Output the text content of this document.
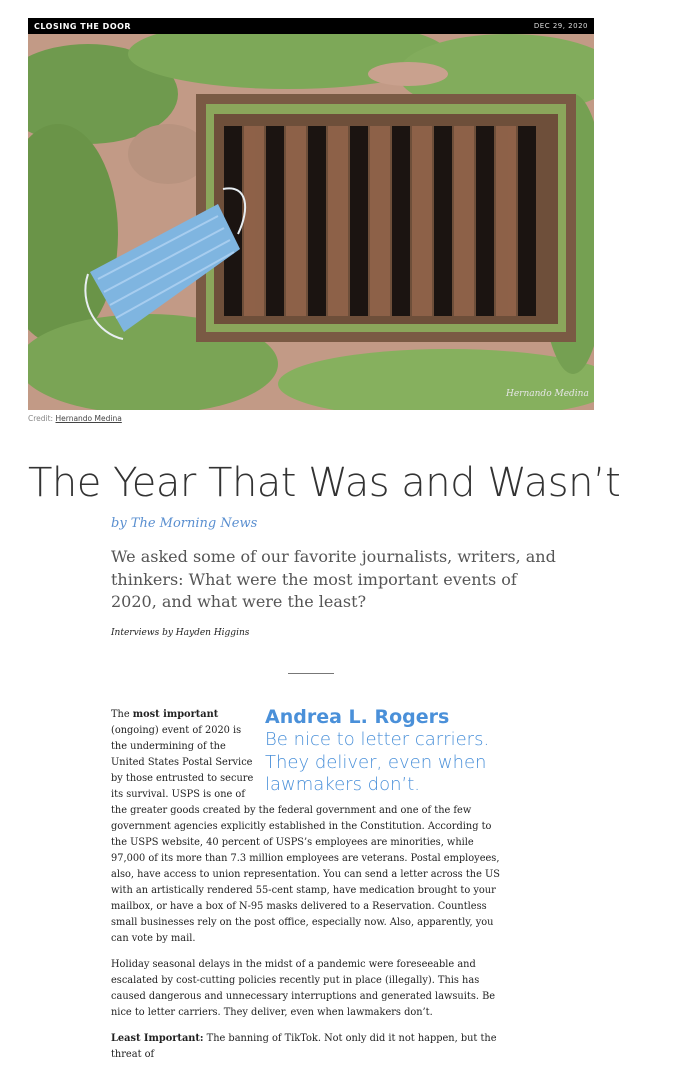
CLOSING THE DOOR	DEC 29, 2020
Hernando Medina
Credit: Hernando Medina
The Year That Was and Wasn’t
by The Morning News
We asked some of our favorite journalists, writers, and thinkers: What were the most important events of 2020, and what were the least?
Interviews by Hayden Higgins
Andrea L. Rogers
Be nice to letter carriers. They deliver, even when lawmakers don’t.

The most important (ongoing) event of 2020 is the undermining of the United States Postal Service by those entrusted to secure its survival. USPS is one of the greater goods created by the federal government and one of the few government agencies explicitly established in the Constitution. According to the USPS website, 40 percent of USPS’s employees are minorities, while 97,000 of its more than 7.3 million employees are veterans. Postal employees, also, have access to union representation. You can send a letter across the US with an artistically rendered 55-cent stamp, have medication brought to your mailbox, or have a box of N-95 masks delivered to a Reservation. Countless small businesses rely on the post office, especially now. Also, apparently, you can vote by mail.

Holiday seasonal delays in the midst of a pandemic were foreseeable and escalated by cost-cutting policies recently put in place (illegally). This has caused dangerous and unnecessary interruptions and generated lawsuits. Be nice to letter carriers. They deliver, even when lawmakers don’t.

Least Important: The banning of TikTok. Not only did it not happen, but the threat of
